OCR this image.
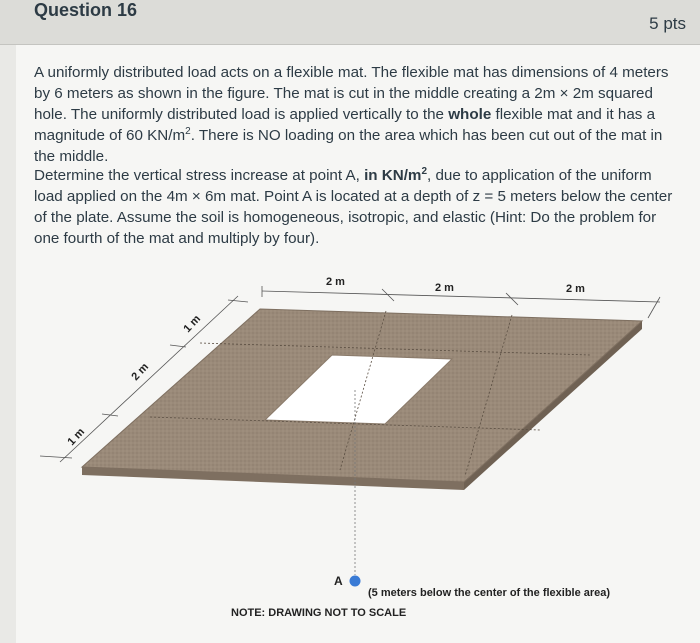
Question 16
5 pts

A uniformly distributed load acts on a flexible mat. The flexible mat has dimensions of 4 meters by 6 meters as shown in the figure. The mat is cut in the middle creating a 2m × 2m squared hole. The uniformly distributed load is applied vertically to the whole flexible mat and it has a magnitude of 60 $KN/m^2$. There is NO loading on the area which has been cut out of the mat in the middle.

Determine the vertical stress increase at point A, in $KN/m^2$, due to application of the uniform load applied on the 4m × 6m mat. Point A is located at a depth of z = 5 meters below the center of the plate. Assume the soil is homogeneous, isotropic, and elastic (Hint: Do the problem for one fourth of the mat and multiply by four).

2 m	2 m	2 m
1 m
2 m
1 m
A
(5 meters below the center of the flexible area)
NOTE: DRAWING NOT TO SCALE
